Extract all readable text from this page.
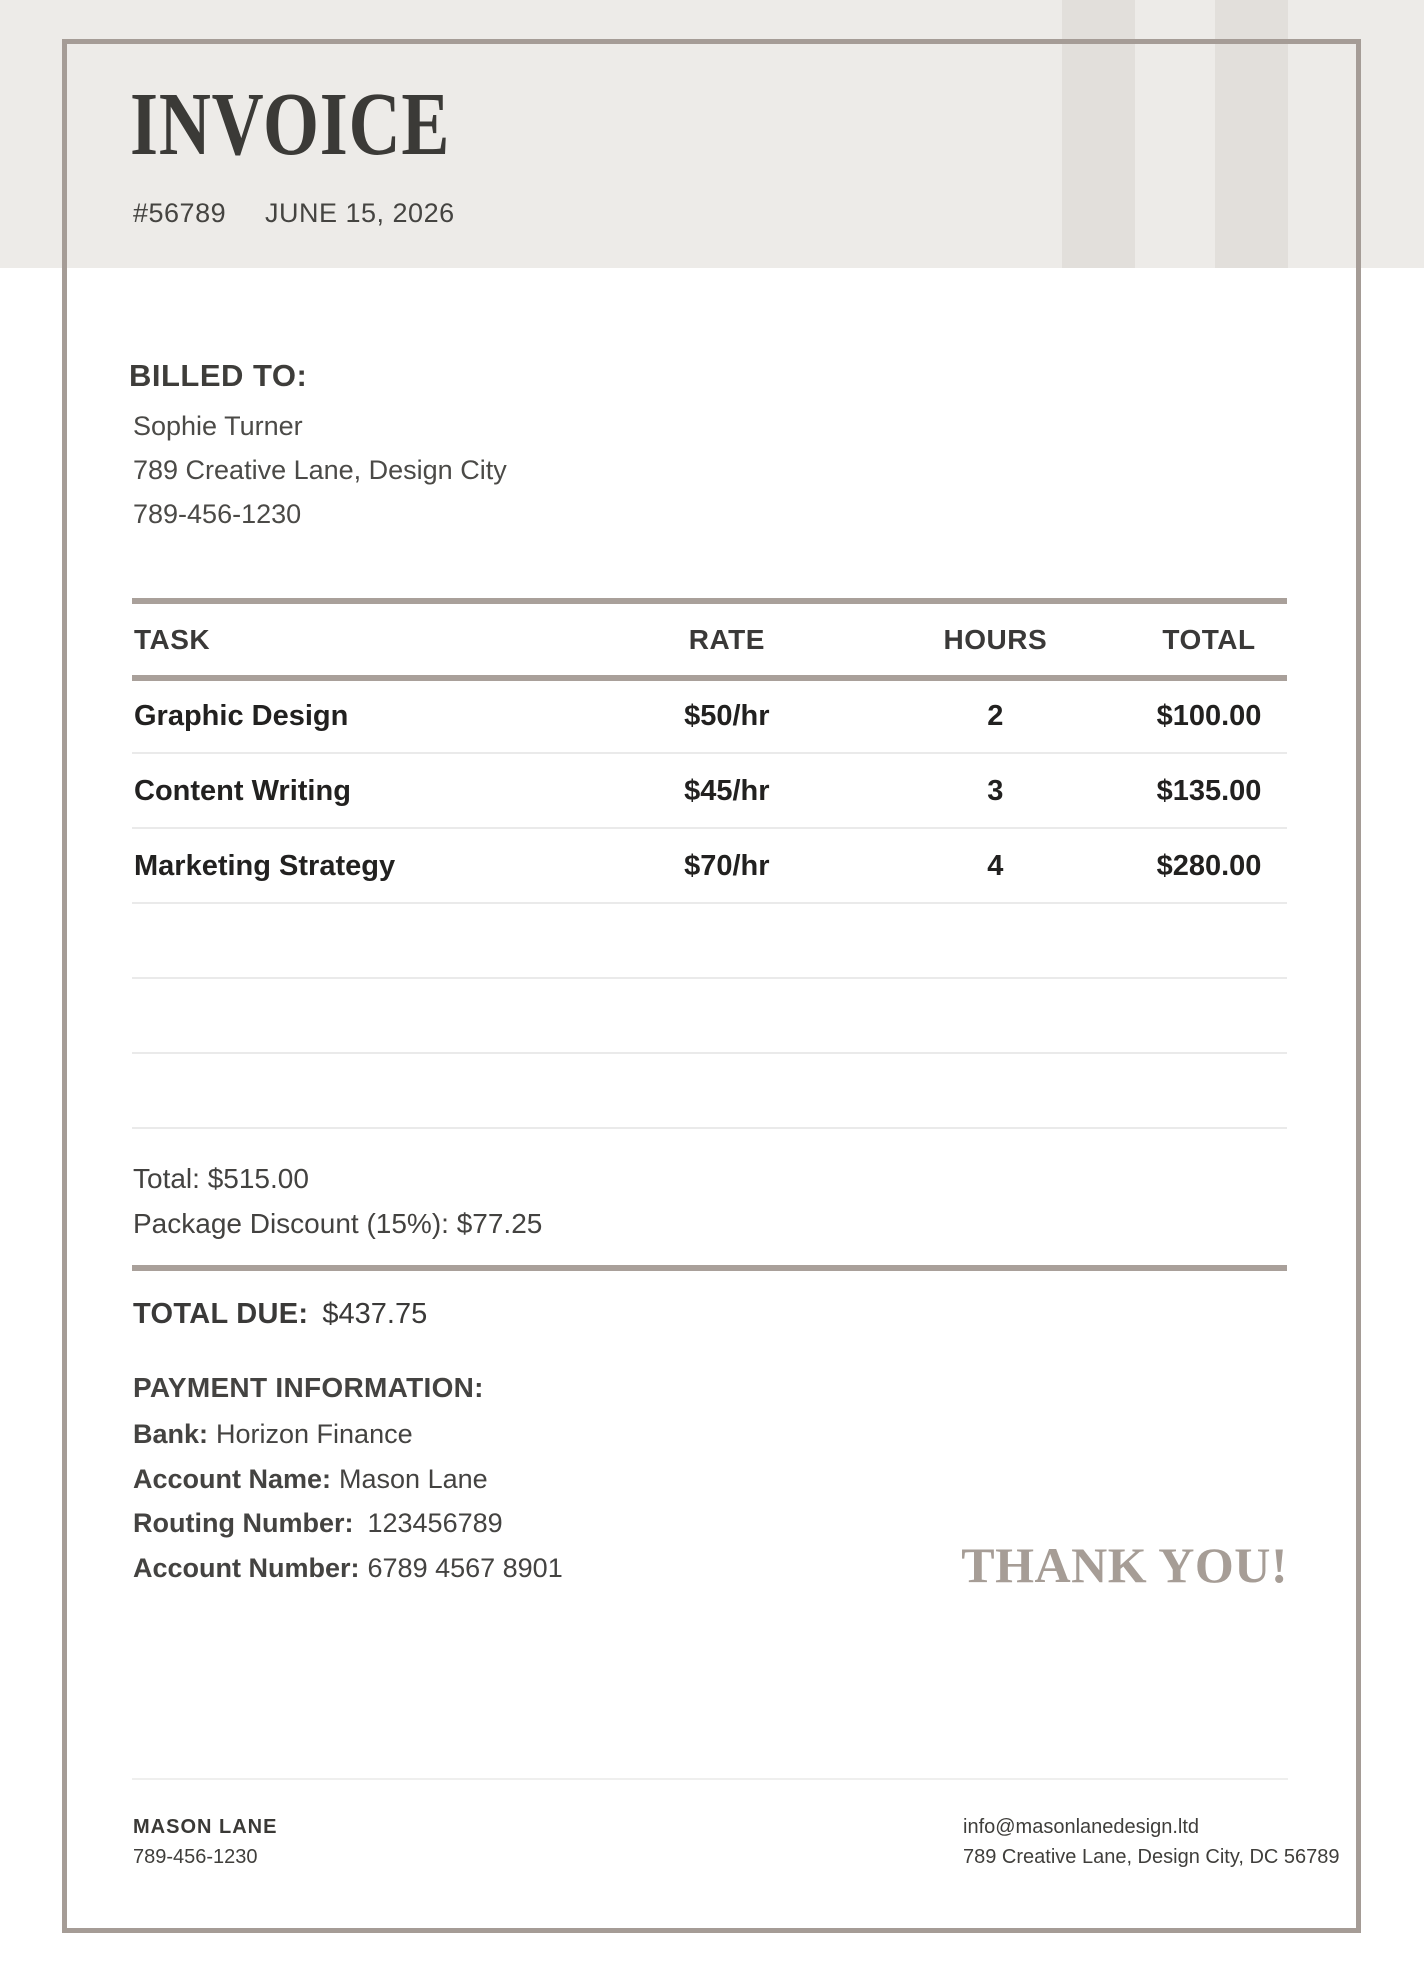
INVOICE
#56789 JUNE 15, 2026
BILLED TO:
Sophie Turner
789 Creative Lane, Design City
789-456-1230
TASK	RATE	HOURS	TOTAL
Graphic Design	$50/hr	2	$100.00
Content Writing	$45/hr	3	$135.00
Marketing Strategy	$70/hr	4	$280.00
Total: $515.00
Package Discount (15%): $77.25
TOTAL DUE: $437.75
PAYMENT INFORMATION:
Bank: Horizon Finance
Account Name: Mason Lane
Routing Number: 123456789
Account Number: 6789 4567 8901	THANK YOU!
MASON LANE
789-456-1230
info@masonlanedesign.ltd
789 Creative Lane, Design City, DC 56789
